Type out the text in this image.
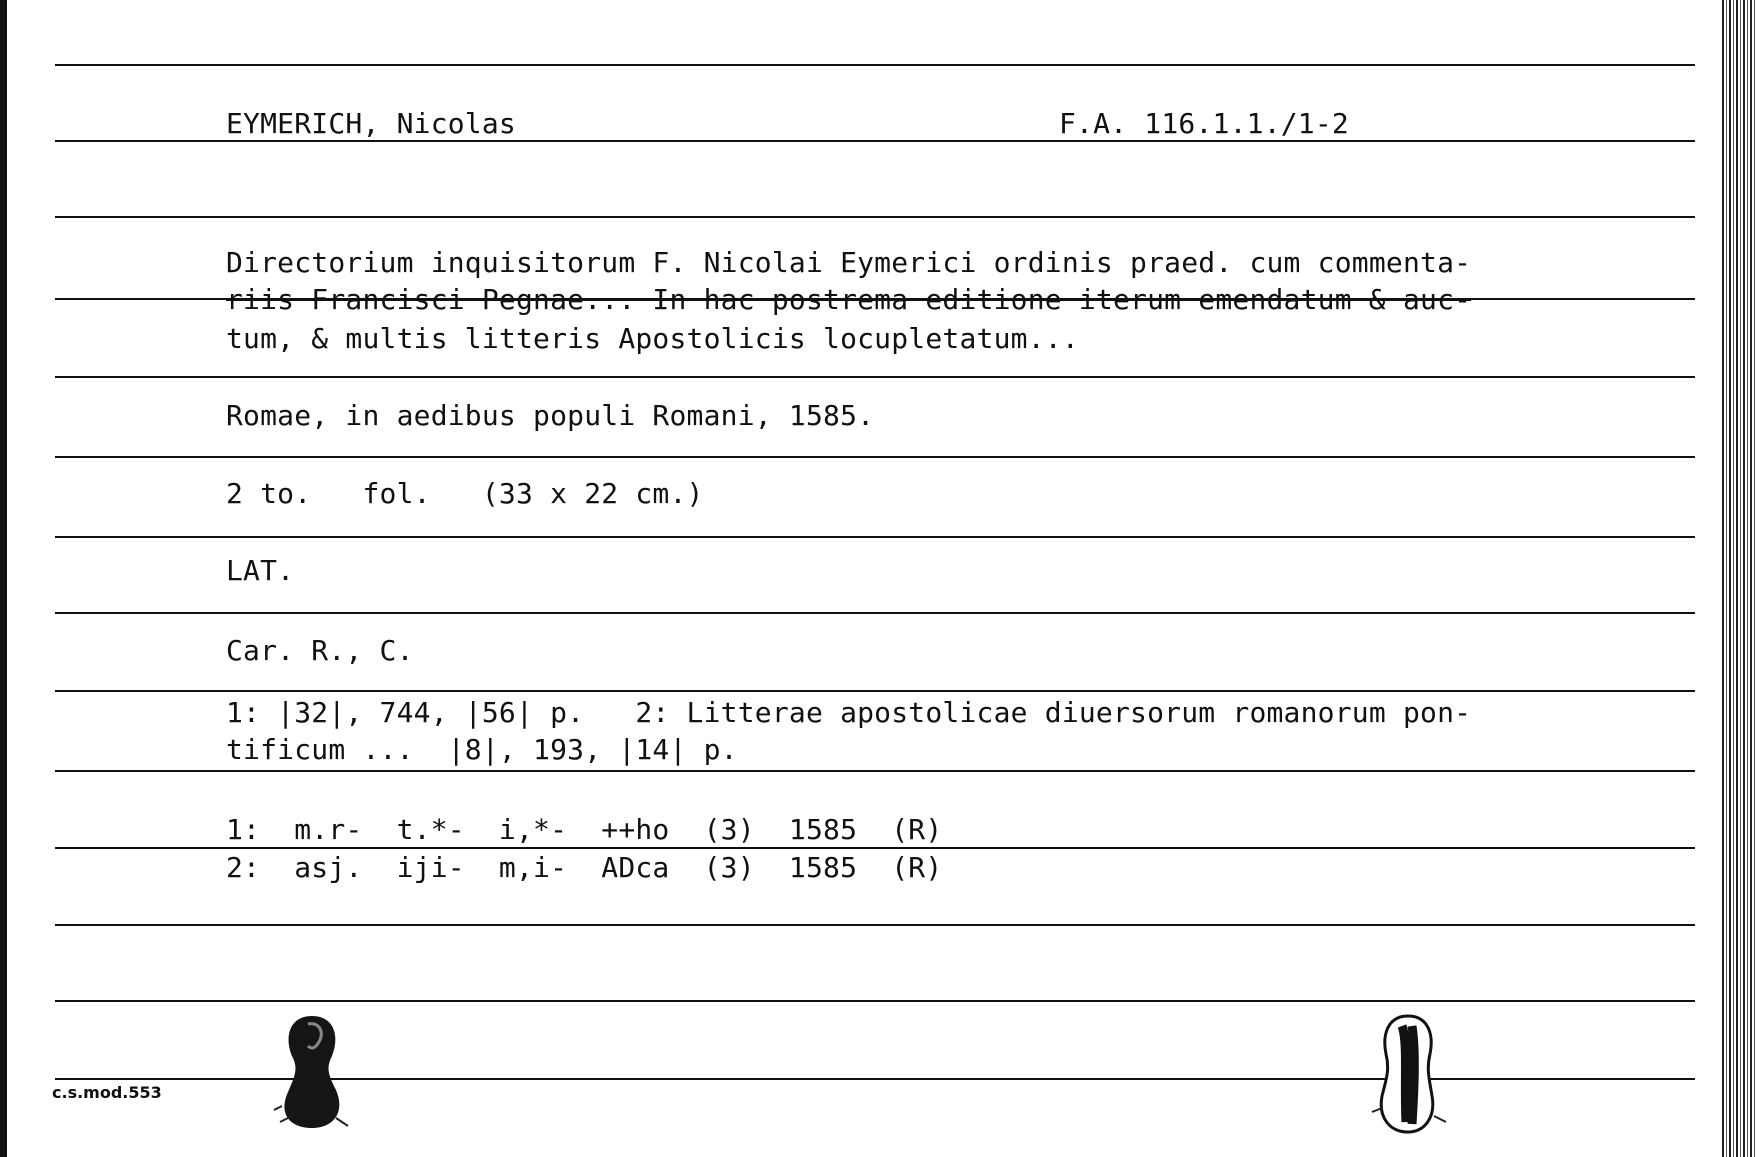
EYMERICH, Nicolas	F.A. 116.1.1./1-2
Directorium inquisitorum F. Nicolai Eymerici ordinis praed. cum commenta-
riis Francisci Pegnae... In hac postrema editione iterum emendatum & auc-
tum, & multis litteris Apostolicis locupletatum...
Romae, in aedibus populi Romani, 1585.
2 to.   fol.   (33 x 22 cm.)
LAT.
Car. R., C.
1: |32|, 744, |56| p.   2: Litterae apostolicae diuersorum romanorum pon-
tificum ...  |8|, 193, |14| p.
1:  m.r-  t.*-  i,*-  ++ho  (3)  1585  (R)
2:  asj.  iji-  m,i-  ADca  (3)  1585  (R)
c.s.mod.553
